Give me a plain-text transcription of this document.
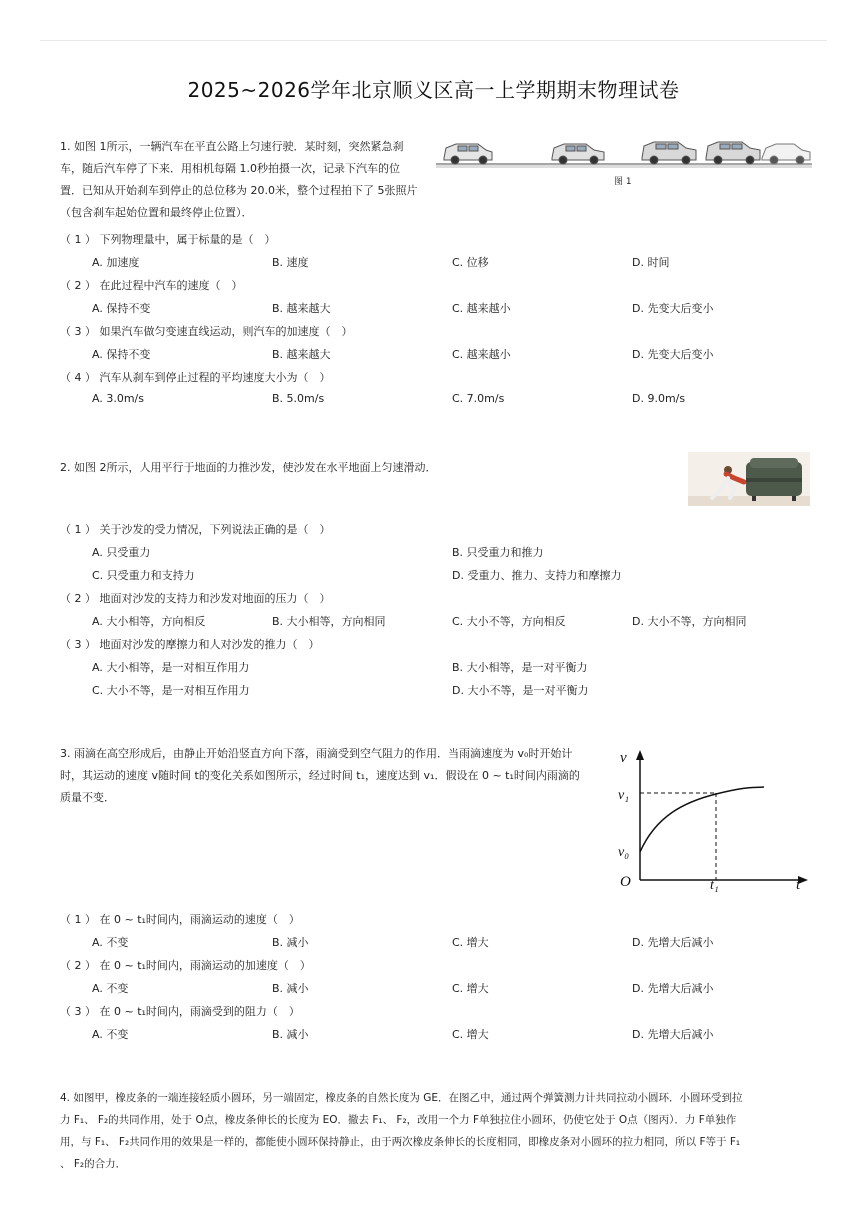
2025~2026学年北京顺义区高一上学期期末物理试卷
1. 如图 1所示，一辆汽车在平直公路上匀速行驶．某时刻，突然紧急刹
车，随后汽车停了下来．用相机每隔 1.0秒拍摄一次，记录下汽车的位
置．已知从开始刹车到停止的总位移为 20.0米，整个过程拍下了 5张照片
（包含刹车起始位置和最终停止位置）．
图 1
（ 1 ） 下列物理量中，属于标量的是（　）
A. 加速度	B. 速度	C. 位移	D. 时间
（ 2 ） 在此过程中汽车的速度（　）
A. 保持不变	B. 越来越大	C. 越来越小	D. 先变大后变小
（ 3 ） 如果汽车做匀变速直线运动，则汽车的加速度（　）
A. 保持不变	B. 越来越大	C. 越来越小	D. 先变大后变小
（ 4 ） 汽车从刹车到停止过程的平均速度大小为（　）
A. 3.0m/s	B. 5.0m/s	C. 7.0m/s	D. 9.0m/s
2. 如图 2所示，人用平行于地面的力推沙发，使沙发在水平地面上匀速滑动．
（ 1 ） 关于沙发的受力情况，下列说法正确的是（　）
A. 只受重力	B. 只受重力和推力
C. 只受重力和支持力	D. 受重力、推力、支持力和摩擦力
（ 2 ） 地面对沙发的支持力和沙发对地面的压力（　）
A. 大小相等，方向相反	B. 大小相等，方向相同	C. 大小不等，方向相反	D. 大小不等，方向相同
（ 3 ） 地面对沙发的摩擦力和人对沙发的推力（　）
A. 大小相等，是一对相互作用力	B. 大小相等，是一对平衡力
C. 大小不等，是一对相互作用力	D. 大小不等，是一对平衡力
3. 雨滴在高空形成后，由静止开始沿竖直方向下落，雨滴受到空气阻力的作用．当雨滴速度为 v₀时开始计
时，其运动的速度 v随时间 t的变化关系如图所示，经过时间 t₁，速度达到 v₁．假设在 0 ~ t₁时间内雨滴的
质量不变．
v
v₁
v₀
O	t₁	t
（ 1 ） 在 0 ~ t₁时间内，雨滴运动的速度（　）
A. 不变	B. 减小	C. 增大	D. 先增大后减小
（ 2 ） 在 0 ~ t₁时间内，雨滴运动的加速度（　）
A. 不变	B. 减小	C. 增大	D. 先增大后减小
（ 3 ） 在 0 ~ t₁时间内，雨滴受到的阻力（　）
A. 不变	B. 减小	C. 增大	D. 先增大后减小
4. 如图甲，橡皮条的一端连接轻质小圆环，另一端固定，橡皮条的自然长度为 GE．在图乙中，通过两个弹簧测力计共同拉动小圆环．小圆环受到拉
力 F₁、 F₂的共同作用，处于 O点，橡皮条伸长的长度为 EO．撤去 F₁、 F₂，改用一个力 F单独拉住小圆环，仍使它处于 O点（图丙）．力 F单独作
用，与 F₁、 F₂共同作用的效果是一样的，都能使小圆环保持静止，由于两次橡皮条伸长的长度相同，即橡皮条对小圆环的拉力相同，所以 F等于 F₁
、 F₂的合力．
